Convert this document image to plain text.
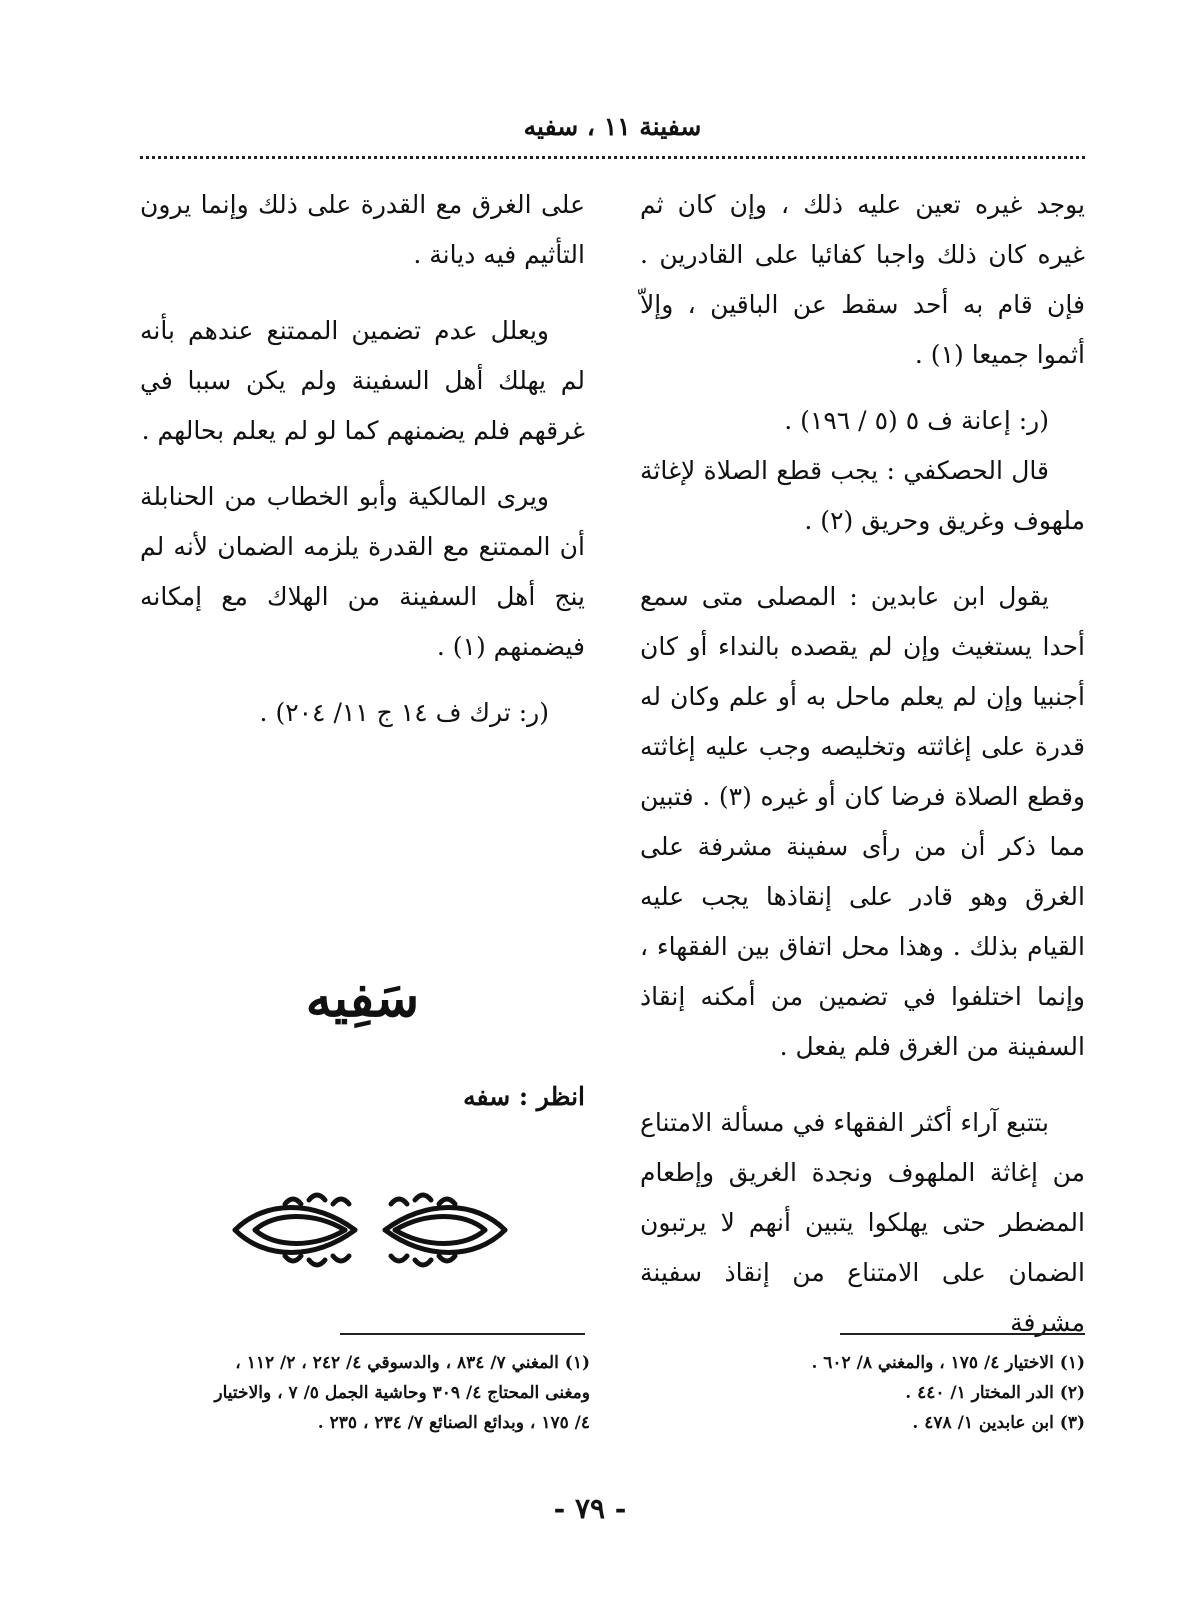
سفينة ١١ ، سفيه

يوجد غيره تعين عليه ذلك ، وإن كان ثم غيره كان ذلك واجبا كفائيا على القادرين . فإن قام به أحد سقط عن الباقين ، وإلاّ أثموا جميعا (١) .

(ر: إعانة ف ٥ (٥ / ١٩٦) .

قال الحصكفي : يجب قطع الصلاة لإغاثة ملهوف وغريق وحريق (٢) .

يقول ابن عابدين : المصلى متى سمع أحدا يستغيث وإن لم يقصده بالنداء أو كان أجنبيا وإن لم يعلم ماحل به أو علم وكان له قدرة على إغاثته وتخليصه وجب عليه إغاثته وقطع الصلاة فرضا كان أو غيره (٣) . فتبين مما ذكر أن من رأى سفينة مشرفة على الغرق وهو قادر على إنقاذها يجب عليه القيام بذلك . وهذا محل اتفاق بين الفقهاء ، وإنما اختلفوا في تضمين من أمكنه إنقاذ السفينة من الغرق فلم يفعل .

بتتبع آراء أكثر الفقهاء في مسألة الامتناع من إغاثة الملهوف ونجدة الغريق وإطعام المضطر حتى يهلكوا يتبين أنهم لا يرتبون الضمان على الامتناع من إنقاذ سفينة مشرفة

على الغرق مع القدرة على ذلك وإنما يرون التأثيم فيه ديانة .

ويعلل عدم تضمين الممتنع عندهم بأنه لم يهلك أهل السفينة ولم يكن سببا في غرقهم فلم يضمنهم كما لو لم يعلم بحالهم .

ويرى المالكية وأبو الخطاب من الحنابلة أن الممتنع مع القدرة يلزمه الضمان لأنه لم ينج أهل السفينة من الهلاك مع إمكانه فيضمنهم (١) .

(ر: ترك ف ١٤ ج ١١/ ٢٠٤) .

سَفِيه
انظر : سفه
(١) الاختيار ٤/ ١٧٥ ، والمغني ٨/ ٦٠٢ .
(٢) الدر المختار ١/ ٤٤٠ .
(٣) ابن عابدين ١/ ٤٧٨ .
(١) المغني ٧/ ٨٣٤ ، والدسوقي ٤/ ٢٤٢ ، ٢/ ١١٢ ،
ومغنى المحتاج ٤/ ٣٠٩ وحاشية الجمل ٥/ ٧ ، والاختيار
٤/ ١٧٥ ، وبدائع الصنائع ٧/ ٢٣٤ ، ٢٣٥ .
- ٧٩ -
